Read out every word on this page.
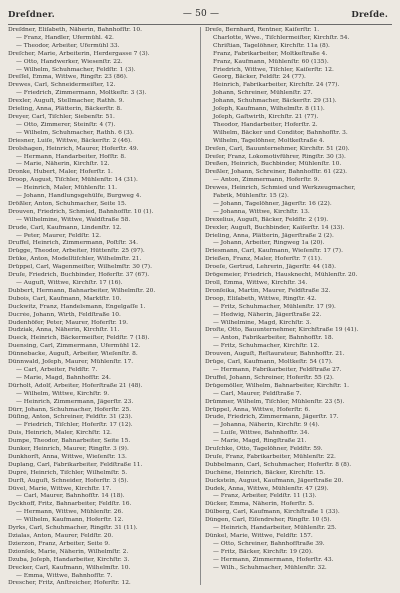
Dreſdner.	— 50 —	Dreſde.
Dreſdner, Eliſabeth, Näherin, Bahnhofſtr. 10.
— Franz, Handler, Ufermühl. 42.
— Theodor, Arbeiter, Ufermühl 33.
Dreſcher, Marie, Arbeiterin, Herdergasse 7 (3).
— Otto, Handwerker, Wiesenſtr. 22.
— Wilhelm, Schuhmacher, Feldſtr. 1 (3).
Dreſſel, Emma, Wittwe, Ringſtr. 23 (86).
Drewes, Carl, Schneidermeiſter, 12.
— Friedrich, Zimmermann, Moltkeſtr. 3 (3).
Drexler, Auguſt, Stellmacher, Rathh. 9.
Drieling, Anna, Plätterin, Bäckerſtr. 8.
Dreyer, Carl, Tiſchler, Siebenſtr. 51.
— Otto, Zimmerer, Steinſtr. 4 (7).
— Wilhelm, Schuhmacher, Rathh. 6 (3).
Driesner, Luiſe, Wittwe, Bäckerſtr. 2 (46).
Drolshagen, Heinrich, Maurer, Hoferſtr. 49.
— Hermann, Handarbeiter, Hofſtr. 8.
— Marie, Näherin, Kirchſtr. 12.
Dronke, Hubert, Maler, Hoferſtr. 1.
Droop, August, Tiſchler, Mühlenſtr. 14 (31).
— Heinrich, Maler, Mühlenſtr. 11.
— Johann, Handlungsgehülfe, Burgweg 4.
Drößler, Anton, Schuhmacher, Seite 15.
Drouven, Friedrich, Schmied, Bahnhofſtr. 10 (1).
— Wilhelmine, Wittwe, Waldſtraße 58.
Drude, Carl, Kaufmann, Lindenſtr. 12.
— Peter, Maurer, Feldſtr. 12.
Druffel, Heinrich, Zimmermann, Poſtſtr. 34.
Drügge, Theodor, Arbeiter, Hüttenſtr. 25 (97).
Drüke, Anton, Modelltiſchler, Wilhelmſtr. 21.
Drüppel, Carl, Wagenmeiſter, Wilhelmſtr. 30 (7).
Druſe, Friedrich, Buchbinder, Hoferſtr. 37 (67).
— Auguſt, Wittwe, Kirchſtr. 17 (16).
Dubbert, Hermann, Bahnarbeiter, Wilhelmſtr. 20.
Dubois, Carl, Kaufmann, Marktſtr. 10.
Duckwitz, Franz, Handelsmann, Engelgaſſe 1.
Ducrée, Johann, Wirth, Feldſtraße 10.
Dudenhöfer, Peter, Maurer, Hoferſtr. 19.
Dudziak, Anna, Näherin, Kirchſtr. 11.
Dueck, Heinrich, Bäckermeiſter, Feldſtr. 7 (18).
Duensing, Carl, Zimmermann, Ufermühl 12.
Dünnebacke, Auguſt, Arbeiter, Wieſenſtr. 8.
Dünnwald, Joſeph, Maurer, Mühlenſtr. 17.
— Carl, Arbeiter, Feldſtr. 7.
— Marie, Magd, Bahnhofſtr. 24.
Dürholt, Adolf, Arbeiter, Hoferſtraße 21 (48).
— Wilhelm, Wittwe, Kirchſtr. 9.
— Heinrich, Zimmermann, Jägerſtr. 23.
Dürr, Johann, Schuhmacher, Hoferſtr. 25.
Düſing, Anton, Schreiner, Feldſtr. 31 (23).
— Friedrich, Tiſchler, Hoferſtr. 17 (12).
Duis, Heinrich, Maler, Kirchſtr. 12.
Dumpe, Theodor, Bahnarbeiter, Seite 15.
Dunker, Heinrich, Maurer, Ringſtr. 3 (9).
Dunkhorſt, Anna, Wittwe, Wieſenſtr. 13.
Duplang, Carl, Fabrikarbeiter, Feldſtraße 11.
Dupré, Heinrich, Tiſchler, Wilhelmſtr. 5.
Durſt, Auguſt, Schneider, Hoferſtr. 3 (5).
Düvel, Marie, Wittwe, Kirchſtr. 17.
— Carl, Maurer, Bahnhofſtr. 14 (18).
Dyckhoff, Fritz, Bahnarbeiter, Feldſtr. 16.
— Hermann, Wittwe, Mühlenſtr. 26.
— Wilhelm, Kaufmann, Hoferſtr. 12.
Dyrks, Carl, Schuhmacher, Ringſtr. 31 (11).
Dzialas, Anton, Maurer, Feldſtr. 20.
Dzierzon, Franz, Arbeiter, Seite 9.
Dzionſek, Marie, Näherin, Wilhelmſtr. 2.
Dzuba, Joſeph, Handarbeiter, Kirchſtr. 3.
Drecker, Carl, Kaufmann, Wilhelmſtr. 10.
— Emma, Wittwe, Bahnhofſtr. 7.
Drescher, Fritz, Anſtreicher, Hoferſtr. 12.
Dreſe, Bernhard, Rentner, Kaiſerſtr. 1.
Charlotte, Wwe., Tiſchlermeiſter, Kirchſtr. 54.
Chriſtian, Tagelöhner, Kirchſtr. 11a (8).
Franz, Fabrikarbeiter, Moltkeſtraße 4.
Franz, Kaufmann, Mühlenſtr. 60 (135).
Friedrich, Wittwe, Tiſchler, Kaiſerſtr. 12.
Georg, Bäcker, Feldſtr. 24 (77).
Heinrich, Fabrikarbeiter, Kirchſtr. 24 (77).
Johann, Schreiner, Mühlenſtr. 27.
Johann, Schuhmacher, Bäckerſtr. 29 (31).
Joſeph, Kaufmann, Wilhelmſtr. 8 (11).
Joſeph, Gaſtwirth, Kirchſtr. 21 (77).
Theodor, Handarbeiter, Hoferſtr. 2.
Wilhelm, Bäcker und Conditor, Bahnhofſtr. 3.
Wilhelm, Tagelöhner, Moltkeſtraße 4.
Dreſen, Carl, Bauunternehmer, Kirchſtr. 51 (20).
Dreſer, Franz, Lokomotivführer, Ringſtr. 30 (3).
Dreßen, Heinrich, Buchbinder, Mühlenſtr. 10.
Dreßler, Johann, Schreiner, Bahnhofſtr. 61 (22).
— Anton, Zimmermann, Hoferſtr. 9.
Drewes, Heinrich, Schmied und Werkzeugmacher,
Fabrik, Mühlenſtr. 15 (2).
— Johann, Tagelöhner, Jägerſtr. 16 (22).
— Johanna, Wittwe, Kirchſtr. 13.
Drexelius, Auguſt, Bäcker, Feldſtr. 2 (19).
Drexler, Auguſt, Buchbinder, Kaiſerſtr. 14 (33).
Drieling, Anna, Plätterin, Jägerſtraße 2 (2).
— Johann, Arbeiter, Ringweg 1a (20).
Driesmann, Carl, Kaufmann, Wieſenſtr. 17 (7).
Drießen, Franz, Maler, Hoferſtr. 7 (11).
Droeſe, Gertrud, Lehrerin, Jägerſtr. 44 (18).
Drögemeier, Friedrich, Hausknecht, Mühlenſtr. 20.
Droll, Emma, Wittwe, Kirchſtr. 34.
Dronſeika, Martin, Maurer, Feldſtraße 32.
Droop, Eliſabeth, Wittwe, Ringſtr. 42.
— Fritz, Schuhmacher, Mühlenſtr. 17 (9).
— Hedwig, Näherin, Jägerſtraße 22.
— Wilhelmine, Magd, Kirchſtr. 3.
Droſte, Otto, Bauunternehmer, Kirchſtraße 19 (41).
— Anton, Fabrikarbeiter, Bahnhofſtr. 18.
— Fritz, Schuhmacher, Kirchſtr. 12.
Drouven, Auguſt, Reſtaurateur, Bahnhofſtr. 21.
Drüge, Carl, Kaufmann, Moltkeſtr. 54 (17).
— Hermann, Fabrikarbeiter, Feldſtraße 27.
Druffel, Johann, Schreiner, Hoferſtr. 55 (2).
Drügemöller, Wilhelm, Bahnarbeiter, Kirchſtr. 1.
— Carl, Maurer, Feldſtraße 7.
Drümmer, Wilhelm, Tiſchler, Mühlenſtr. 23 (5).
Drüppel, Anna, Wittwe, Hoferſtr. 6.
Drude, Friedrich, Zimmermann, Jägerſtr. 17.
— Johanna, Näherin, Kirchſtr. 9 (4).
— Luiſe, Wittwe, Bahnhofſtr. 34.
— Marie, Magd, Ringſtraße 21.
Druſchke, Otto, Tagelöhner, Feldſtr. 59.
Druſe, Franz, Fabrikarbeiter, Mühlenſtr. 22.
Dubbelmann, Carl, Schuhmacher, Hoferſtr. 8 (8).
Duchêne, Heinrich, Bäcker, Kirchſtr. 15.
Duckstein, August, Kaufmann, Jägerſtraße 20.
Dudek, Anna, Wittwe, Mühlenſtr. 47 (29).
— Franz, Arbeiter, Feldſtr. 11 (13).
Dücker, Emma, Näherin, Hoferſtr. 5.
Dülberg, Carl, Kaufmann, Kirchſtraße 1 (33).
Düngen, Carl, Eiſendreher, Ringſtr. 10 (5).
— Heinrich, Handarbeiter, Mühlenſtr. 25.
Dünkel, Marie, Wittwe, Feldſtr. 157.
— Otto, Schreiner, Bahnhofſtraße 39.
— Fritz, Bäcker, Kirchſtr. 19 (20).
— Hermann, Zimmermann, Hoferſtr. 43.
— Wilh., Schuhmacher, Mühlenſtr. 32.
